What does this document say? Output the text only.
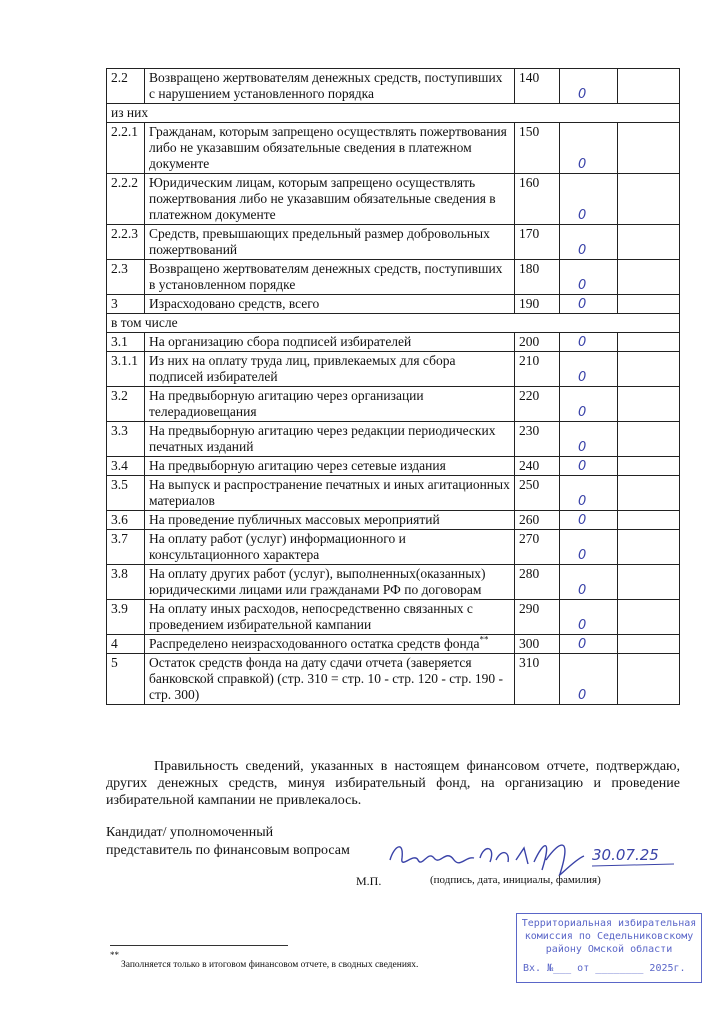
2.2	Возвращено жертвователям денежных средств, поступивших с нарушением установленного порядка	140	0	

из них				
2.2.1	Гражданам, которым запрещено осуществлять пожертвования либо не указавшим обязательные сведения в платежном документе	150	0	

2.2.2	Юридическим лицам, которым запрещено осуществлять пожертвования либо не указавшим обязательные сведения в платежном документе	160	0	

2.2.3	Средств, превышающих предельный размер добровольных пожертвований	170	0	

2.3	Возвращено жертвователям денежных средств, поступивших в установленном порядке	180	0	

3	Израсходовано средств, всего	190	0	

в том числе				
3.1	На организацию сбора подписей избирателей	200	0	

3.1.1	Из них на оплату труда лиц, привлекаемых для сбора подписей избирателей	210	0	

3.2	На предвыборную агитацию через организации телерадиовещания	220	0	

3.3	На предвыборную агитацию через редакции периодических печатных изданий	230	0	

3.4	На предвыборную агитацию через сетевые издания	240	0	

3.5	На выпуск и распространение печатных и иных агитационных материалов	250	0	

3.6	На проведение публичных массовых мероприятий	260	0	

3.7	На оплату работ (услуг) информационного и консультационного характера	270	0	

3.8	На оплату других работ (услуг), выполненных(оказанных) юридическими лицами или гражданами РФ по договорам	280	0	

3.9	На оплату иных расходов, непосредственно связанных с проведением избирательной кампании	290	0	

4	Распределено неизрасходованного остатка средств фонда**	300	0	

5	Остаток средств фонда на дату сдачи отчета (заверяется банковской справкой) (стр. 310 = стр. 10 - стр. 120 - стр. 190 - стр. 300)	310	0	

Правильность сведений, указанных в настоящем финансовом отчете, подтверждаю, других денежных средств, минуя избирательный фонд, на организацию и проведение избирательной кампании не привлекалось.
Кандидат/ уполномоченный
представитель по финансовым вопросам	30.07.25
М.П.	(подпись, дата, инициалы, фамилия)
**
Заполняется только в итоговом финансовом отчете, в сводных сведениях.
Территориальная избирательная
комиссия по Седельниковскому
району Омской области
Вх. №___ от ________ 2025г.
